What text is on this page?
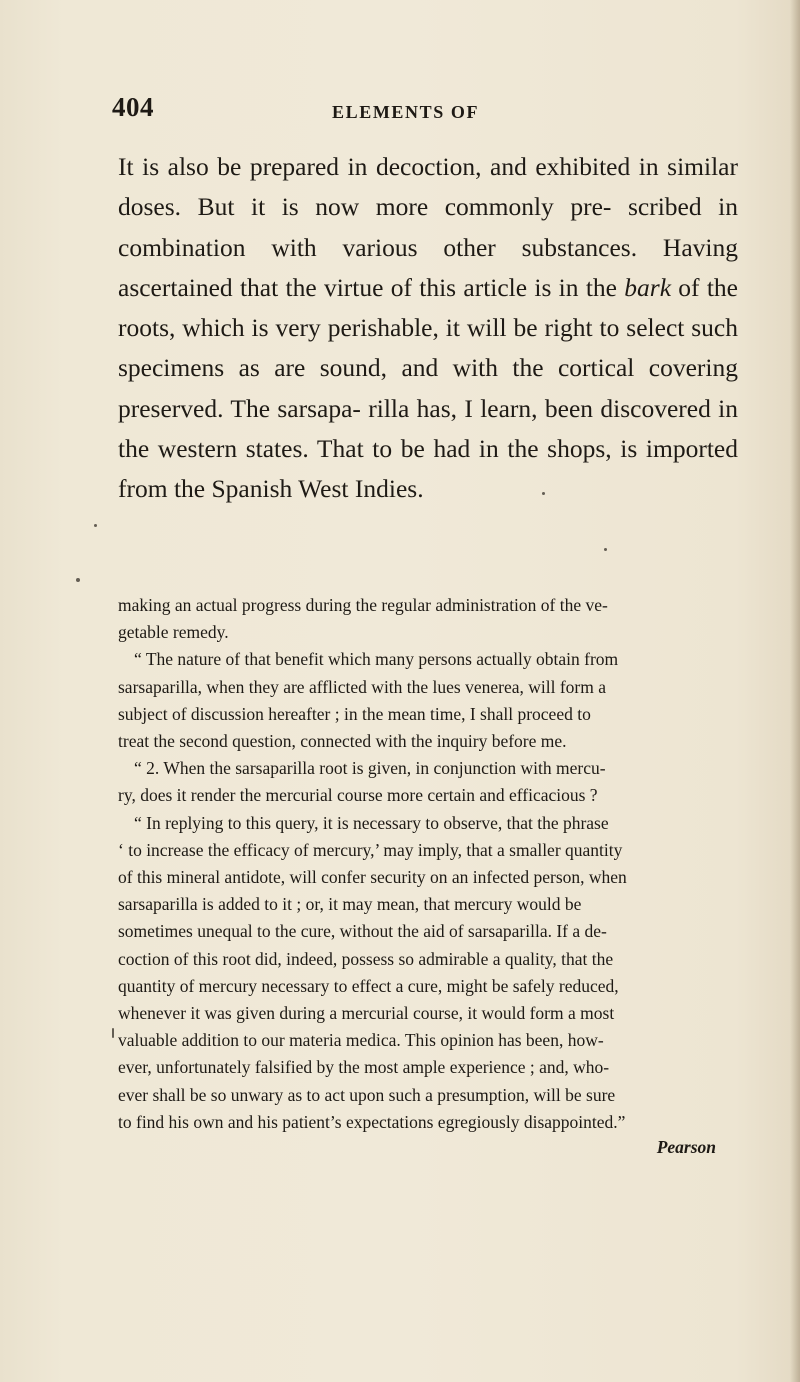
404	ELEMENTS OF
It is also be prepared in decoction, and exhibited in similar doses. But it is now more commonly pre- scribed in combination with various other substances. Having ascertained that the virtue of this article is in the bark of the roots, which is very perishable, it will be right to select such specimens as are sound, and with the cortical covering preserved. The sarsapa- rilla has, I learn, been discovered in the western states. That to be had in the shops, is imported from the Spanish West Indies.
making an actual progress during the regular administration of the ve-
getable remedy.
“ The nature of that benefit which many persons actually obtain from
sarsaparilla, when they are afflicted with the lues venerea, will form a
subject of discussion hereafter ; in the mean time, I shall proceed to
treat the second question, connected with the inquiry before me.
“ 2. When the sarsaparilla root is given, in conjunction with mercu-
ry, does it render the mercurial course more certain and efficacious ?
“ In replying to this query, it is necessary to observe, that the phrase
‘ to increase the efficacy of mercury,’ may imply, that a smaller quantity
of this mineral antidote, will confer security on an infected person, when
sarsaparilla is added to it ; or, it may mean, that mercury would be
sometimes unequal to the cure, without the aid of sarsaparilla. If a de-
coction of this root did, indeed, possess so admirable a quality, that the
quantity of mercury necessary to effect a cure, might be safely reduced,
whenever it was given during a mercurial course, it would form a most
valuable addition to our materia medica. This opinion has been, how-
ever, unfortunately falsified by the most ample experience ; and, who-
ever shall be so unwary as to act upon such a presumption, will be sure
to find his own and his patient’s expectations egregiously disappointed.”
Pearson
